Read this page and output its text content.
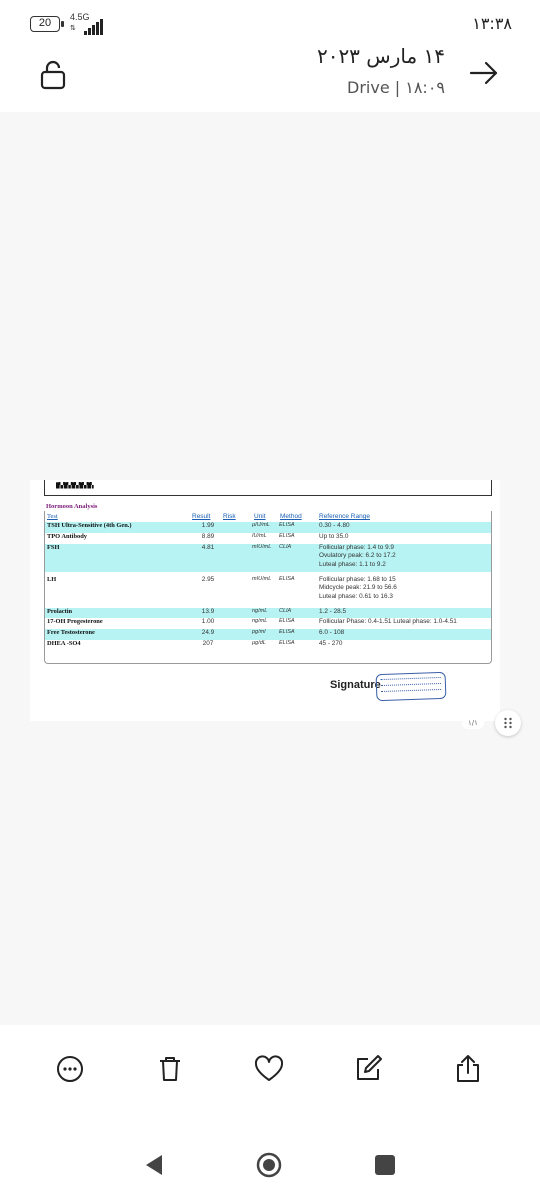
20	4.5G
⇅	۱۳:۳۸
۱۴ مارس ۲۰۲۳
Drive | ۱۸:۰۹
▇▚▞▇▚▞▇▚▞▇▚▞▇▚
Hormoon Analysis
Test	Result Risk	Unit Method	Reference Range
TSH Ultra-Sensitive (4th Gen.)	1.99	µIU/mL ELISA	0.30 - 4.80
TPO Antibody	8.89	IU/mL ELISA	Up to 35.0
FSH	4.81	mIU/mL CLIA	Follicular phase: 1.4 to 9.9
Ovulatory peak: 6.2 to 17.2
Luteal phase: 1.1 to 9.2
LH	2.95	mIU/mL ELISA	Follicular phase: 1.68 to 15
Midcycle peak: 21.9 to 56.6
Luteal phase: 0.61 to 16.3
Prolactin	13.9	ng/mL CLIA	1.2 - 28.5
17-OH Progesterone	1.00	ng/mL ELISA	Follicular Phase: 0.4-1.51 Luteal phase: 1.0-4.51
Free Testosterone	24.9	pg/ml ELISA	6.0 - 108
DHEA -SO4	207	µg/dL ELISA	45 - 270
Signature
۱/۱
